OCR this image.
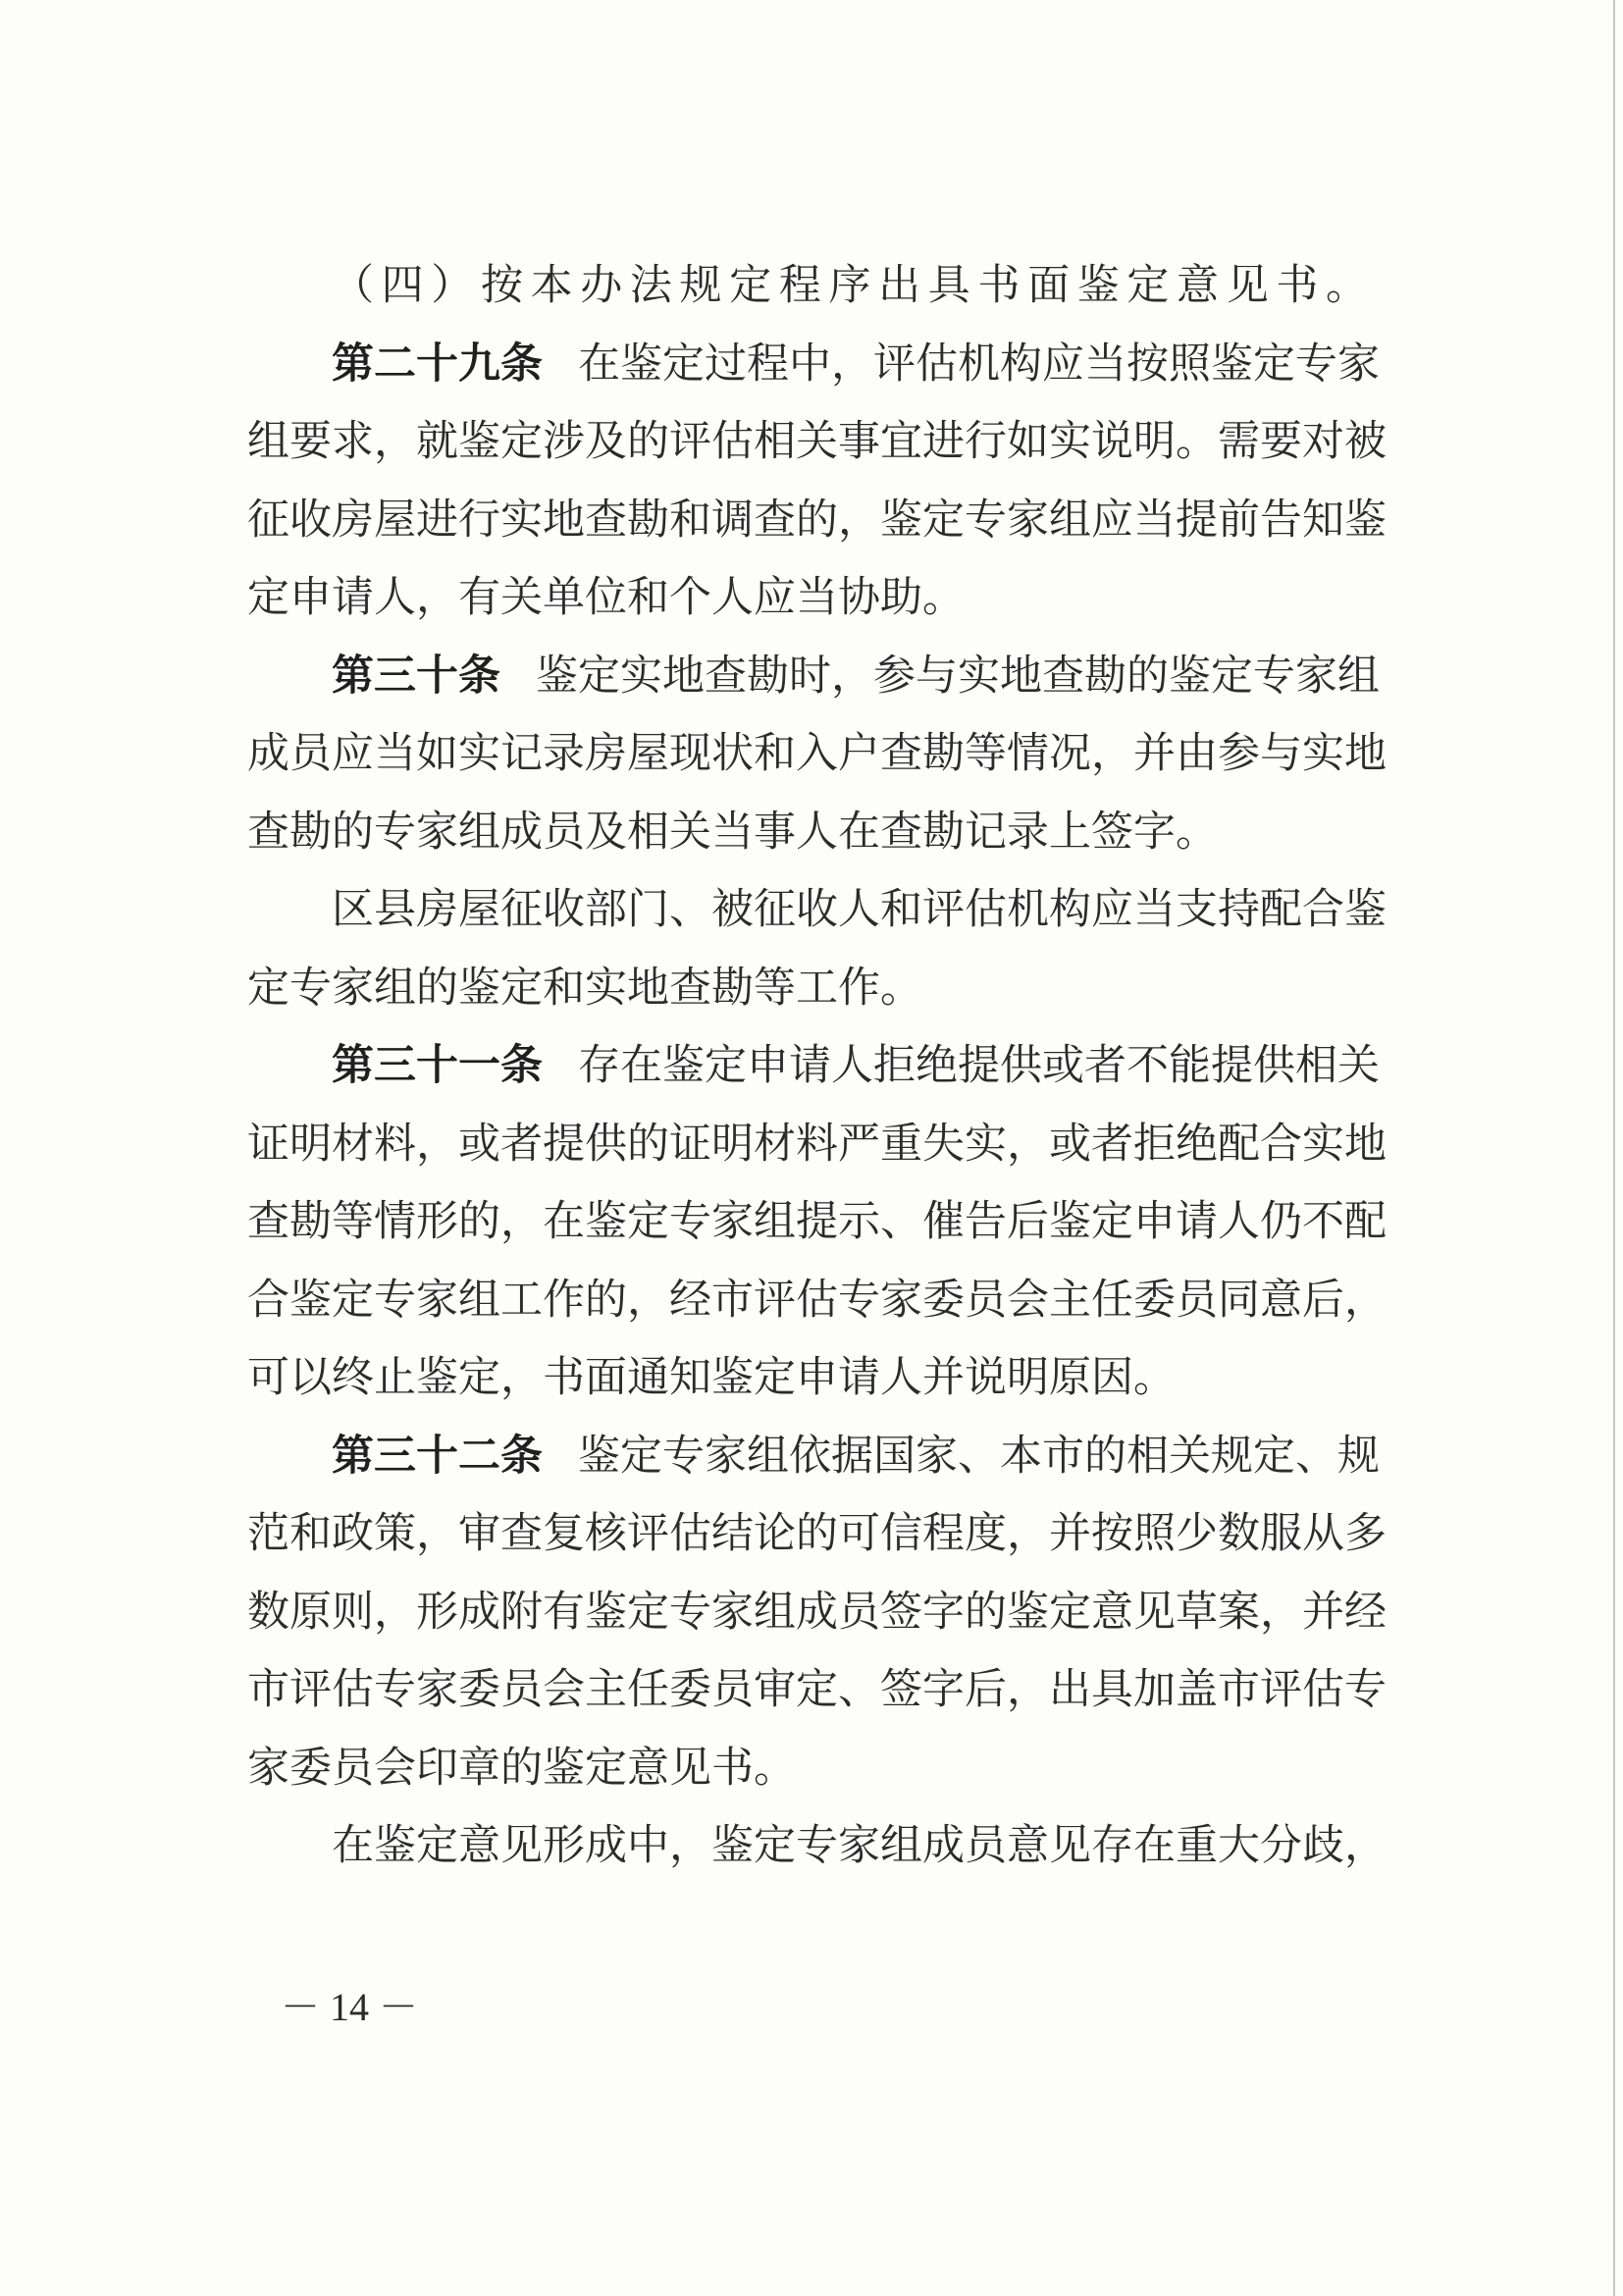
（四）按本办法规定程序出具书面鉴定意见书。
第二十九条 在鉴定过程中，评估机构应当按照鉴定专家
组要求，就鉴定涉及的评估相关事宜进行如实说明。需要对被
征收房屋进行实地查勘和调查的，鉴定专家组应当提前告知鉴
定申请人，有关单位和个人应当协助。
第三十条 鉴定实地查勘时，参与实地查勘的鉴定专家组
成员应当如实记录房屋现状和入户查勘等情况，并由参与实地
查勘的专家组成员及相关当事人在查勘记录上签字。
区县房屋征收部门、被征收人和评估机构应当支持配合鉴
定专家组的鉴定和实地查勘等工作。
第三十一条 存在鉴定申请人拒绝提供或者不能提供相关
证明材料，或者提供的证明材料严重失实，或者拒绝配合实地
查勘等情形的，在鉴定专家组提示、催告后鉴定申请人仍不配
合鉴定专家组工作的，经市评估专家委员会主任委员同意后，
可以终止鉴定，书面通知鉴定申请人并说明原因。
第三十二条 鉴定专家组依据国家、本市的相关规定、规
范和政策，审查复核评估结论的可信程度，并按照少数服从多
数原则，形成附有鉴定专家组成员签字的鉴定意见草案，并经
市评估专家委员会主任委员审定、签字后，出具加盖市评估专
家委员会印章的鉴定意见书。
在鉴定意见形成中，鉴定专家组成员意见存在重大分歧，
－ 14 －
